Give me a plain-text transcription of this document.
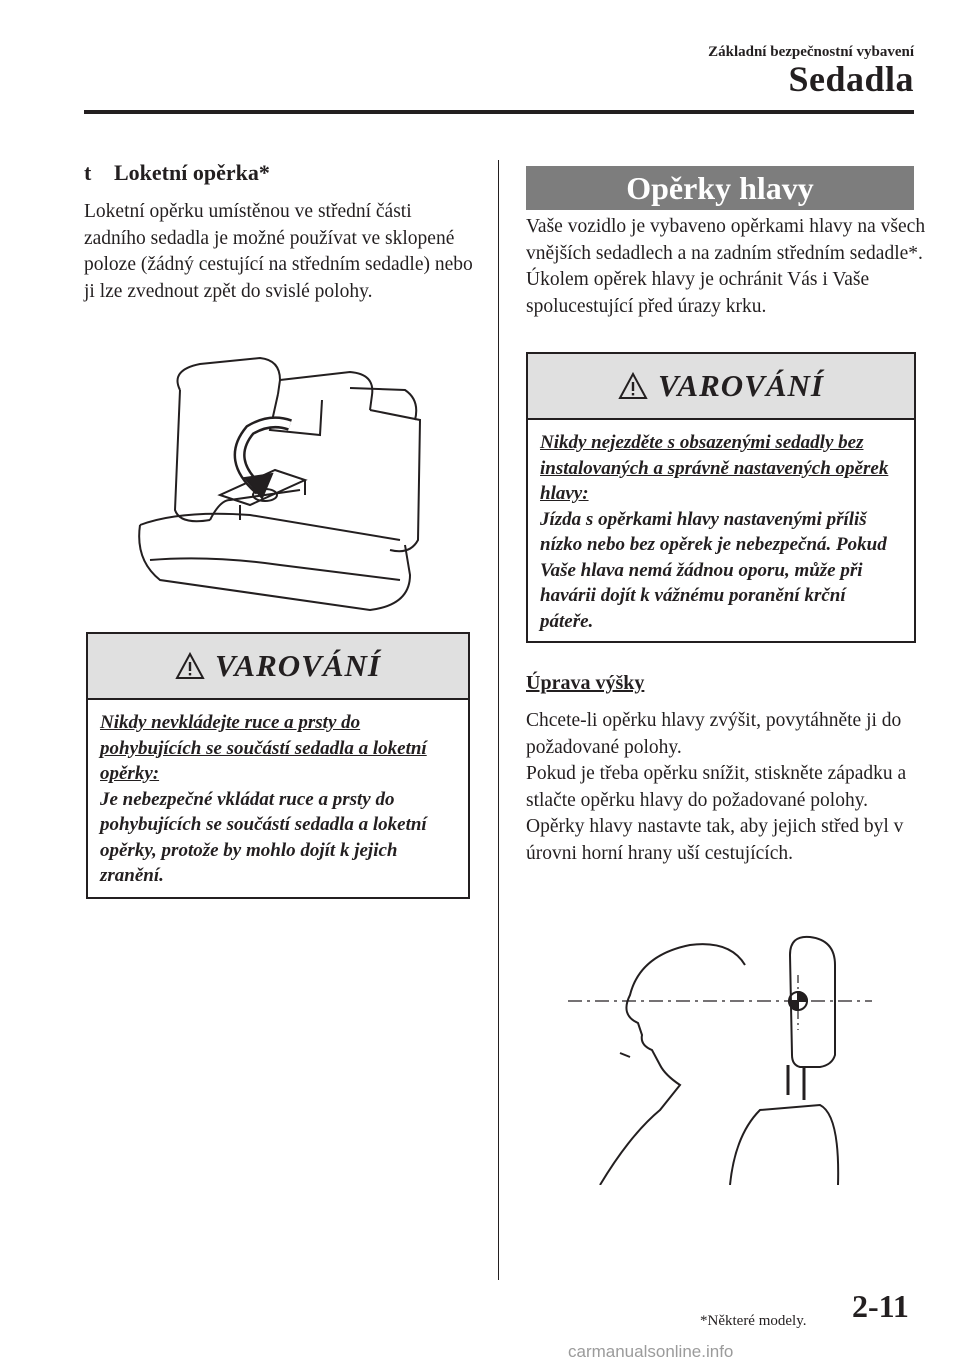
Základní bezpečnostní vybavení
Sedadla
t Loketní opěrka*

Loketní opěrku umístěnou ve střední části zadního sedadla je možné používat ve sklopené poloze (žádný cestující na středním sedadle) nebo ji lze zvednout zpět do svislé polohy.

VAROVÁNÍ
Nikdy nevkládejte ruce a prsty do pohybujících se součástí sedadla a loketní opěrky:
Je nebezpečné vkládat ruce a prsty do pohybujících se součástí sedadla a loketní opěrky, protože by mohlo dojít k jejich zranění.
Opěrky hlavy

Vaše vozidlo je vybaveno opěrkami hlavy na všech vnějších sedadlech a na zadním středním sedadle*. Úkolem opěrek hlavy je ochránit Vás i Vaše spolucestující před úrazy krku.

VAROVÁNÍ
Nikdy nejezděte s obsazenými sedadly bez instalovaných a správně nastavených opěrek hlavy:
Jízda s opěrkami hlavy nastavenými příliš nízko nebo bez opěrek je nebezpečná. Pokud Vaše hlava nemá žádnou oporu, může při havárii dojít k vážnému poranění krční páteře.
Úprava výšky

Chcete-li opěrku hlavy zvýšit, povytáhněte ji do požadované polohy.

Pokud je třeba opěrku snížit, stiskněte západku a stlačte opěrku hlavy do požadované polohy.

Opěrky hlavy nastavte tak, aby jejich střed byl v úrovni horní hrany uší cestujících.

*Některé modely. 2-11
carmanualsonline.info
